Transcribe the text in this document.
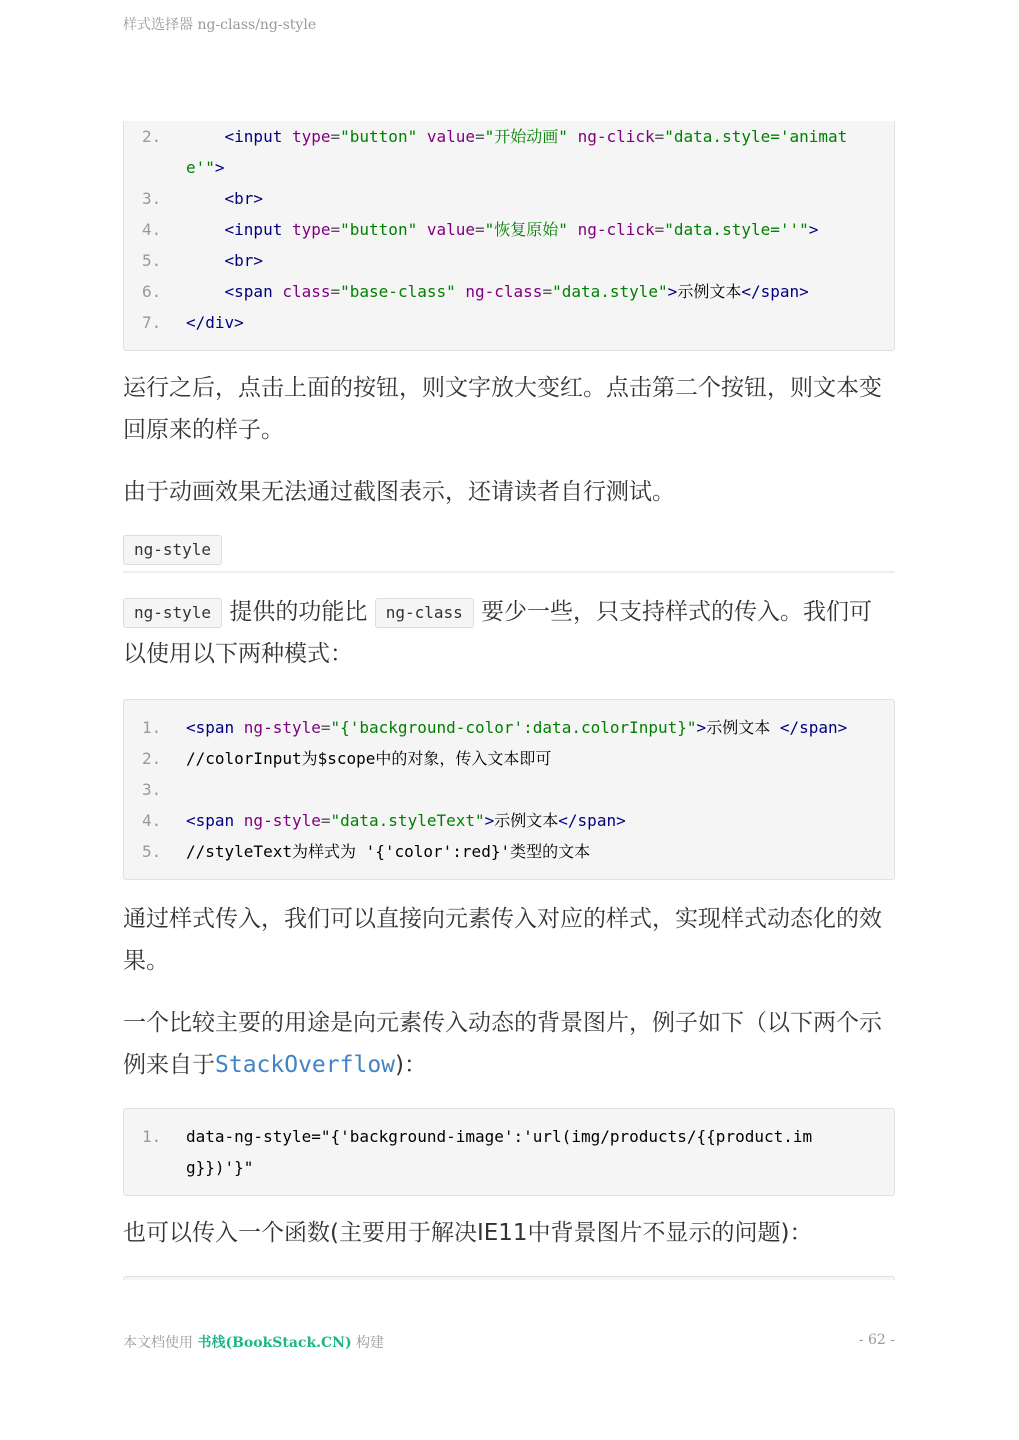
样式选择器 ng-class/ng-style
2.	<input type="button" value="开始动画" ng-click="data.style='animate'">
3.	<br>
4.	<input type="button" value="恢复原始" ng-click="data.style=''">
5.	<br>
6.	<span class="base-class" ng-class="data.style">示例文本</span>
7.	</div>

运行之后，点击上面的按钮，则文字放大变红。点击第二个按钮，则文本变回原来的样子。

由于动画效果无法通过截图表示，还请读者自行测试。

ng-style

ng-style 提供的功能比 ng-class 要少一些，只支持样式的传入。我们可以使用以下两种模式：

1.	<span ng-style="{'background-color':data.colorInput}">示例文本 </span>
2.	//colorInput为$scope中的对象，传入文本即可
3.
4.	<span ng-style="data.styleText">示例文本</span>
5.	//styleText为样式为 '{'color':red}'类型的文本

通过样式传入，我们可以直接向元素传入对应的样式，实现样式动态化的效果。

一个比较主要的用途是向元素传入动态的背景图片，例子如下（以下两个示例来自于StackOverflow)：

1.	data-ng-style="{'background-image':'url(img/products/{{product.img}})'}"

也可以传入一个函数(主要用于解决IE11中背景图片不显示的问题)：

本文档使用 书栈(BookStack.CN) 构建	- 62 -
